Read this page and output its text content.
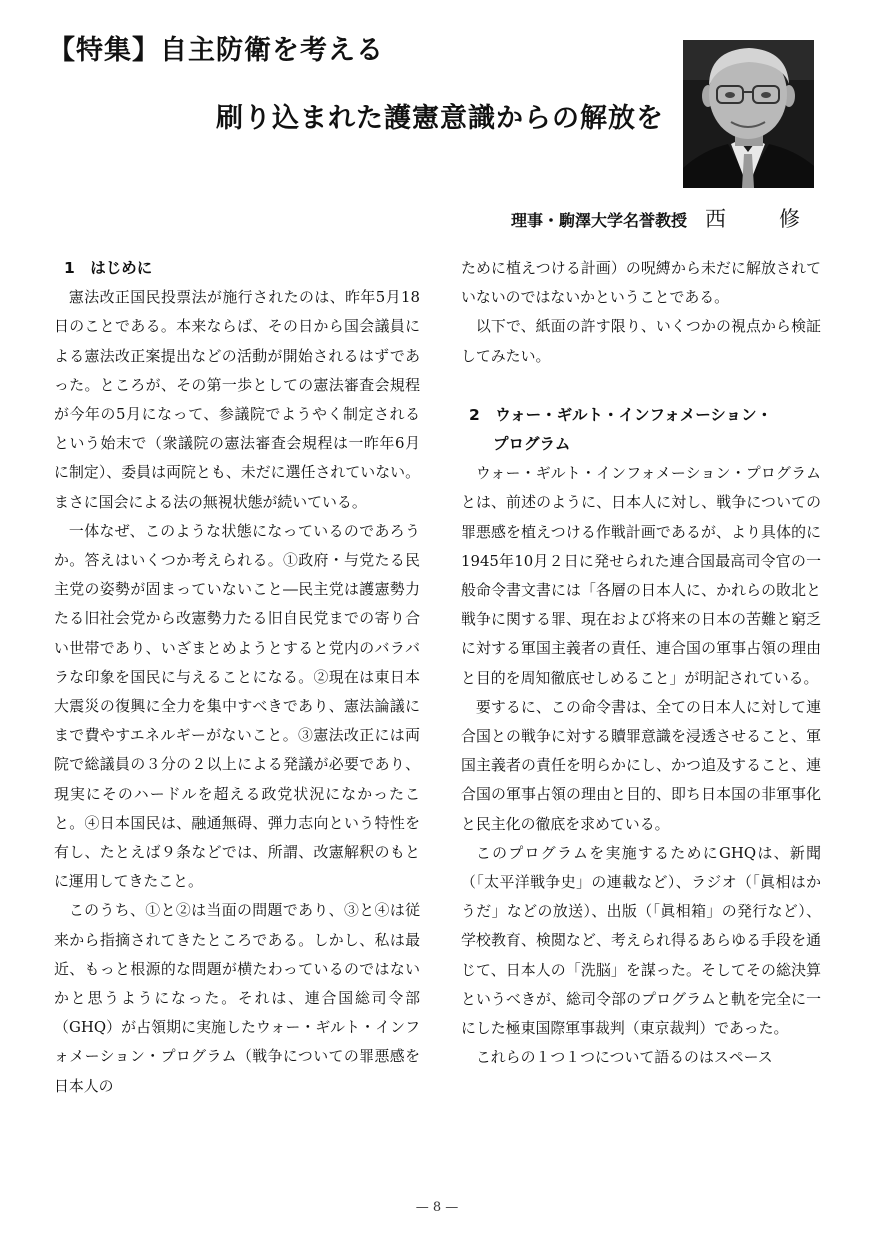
【特集】自主防衛を考える
刷り込まれた護憲意識からの解放を
理事・駒澤大学名誉教授 西　修
1　はじめに

憲法改正国民投票法が施行されたのは、昨年5月18日のことである。本来ならば、その日から国会議員による憲法改正案提出などの活動が開始されるはずであった。ところが、その第一歩としての憲法審査会規程が今年の5月になって、参議院でようやく制定されるという始末で（衆議院の憲法審査会規程は一昨年6月に制定）、委員は両院とも、未だに選任されていない。まさに国会による法の無視状態が続いている。

一体なぜ、このような状態になっているのであろうか。答えはいくつか考えられる。①政府・与党たる民主党の姿勢が固まっていないこと―民主党は護憲勢力たる旧社会党から改憲勢力たる旧自民党までの寄り合い世帯であり、いざまとめようとすると党内のバラバラな印象を国民に与えることになる。②現在は東日本大震災の復興に全力を集中すべきであり、憲法論議にまで費やすエネルギーがないこと。③憲法改正には両院で総議員の３分の２以上による発議が必要であり、現実にそのハードルを超える政党状況になかったこと。④日本国民は、融通無碍、弾力志向という特性を有し、たとえば９条などでは、所謂、改憲解釈のもとに運用してきたこと。

このうち、①と②は当面の問題であり、③と④は従来から指摘されてきたところである。しかし、私は最近、もっと根源的な問題が横たわっているのではないかと思うようになった。それは、連合国総司令部（GHQ）が占領期に実施したウォー・ギルト・インフォメーション・プログラム（戦争についての罪悪感を日本人の

ために植えつける計画）の呪縛から未だに解放されていないのではないかということである。

以下で、紙面の許す限り、いくつかの視点から検証してみたい。

2　ウォー・ギルト・インフォメーション・
プログラム

ウォー・ギルト・インフォメーション・プログラムとは、前述のように、日本人に対し、戦争についての罪悪感を植えつける作戦計画であるが、より具体的に1945年10月２日に発せられた連合国最高司令官の一般命令書文書には「各層の日本人に、かれらの敗北と戦争に関する罪、現在および将来の日本の苦難と窮乏に対する軍国主義者の責任、連合国の軍事占領の理由と目的を周知徹底せしめること」が明記されている。

要するに、この命令書は、全ての日本人に対して連合国との戦争に対する贖罪意識を浸透させること、軍国主義者の責任を明らかにし、かつ追及すること、連合国の軍事占領の理由と目的、即ち日本国の非軍事化と民主化の徹底を求めている。

このプログラムを実施するためにGHQは、新聞（「太平洋戦争史」の連載など）、ラジオ（「眞相はかうだ」などの放送）、出版（「眞相箱」の発行など）、学校教育、検閲など、考えられ得るあらゆる手段を通じて、日本人の「洗脳」を謀った。そしてその総決算というべきが、総司令部のプログラムと軌を完全に一にした極東国際軍事裁判（東京裁判）であった。

これらの１つ１つについて語るのはスペース

— 8 —
